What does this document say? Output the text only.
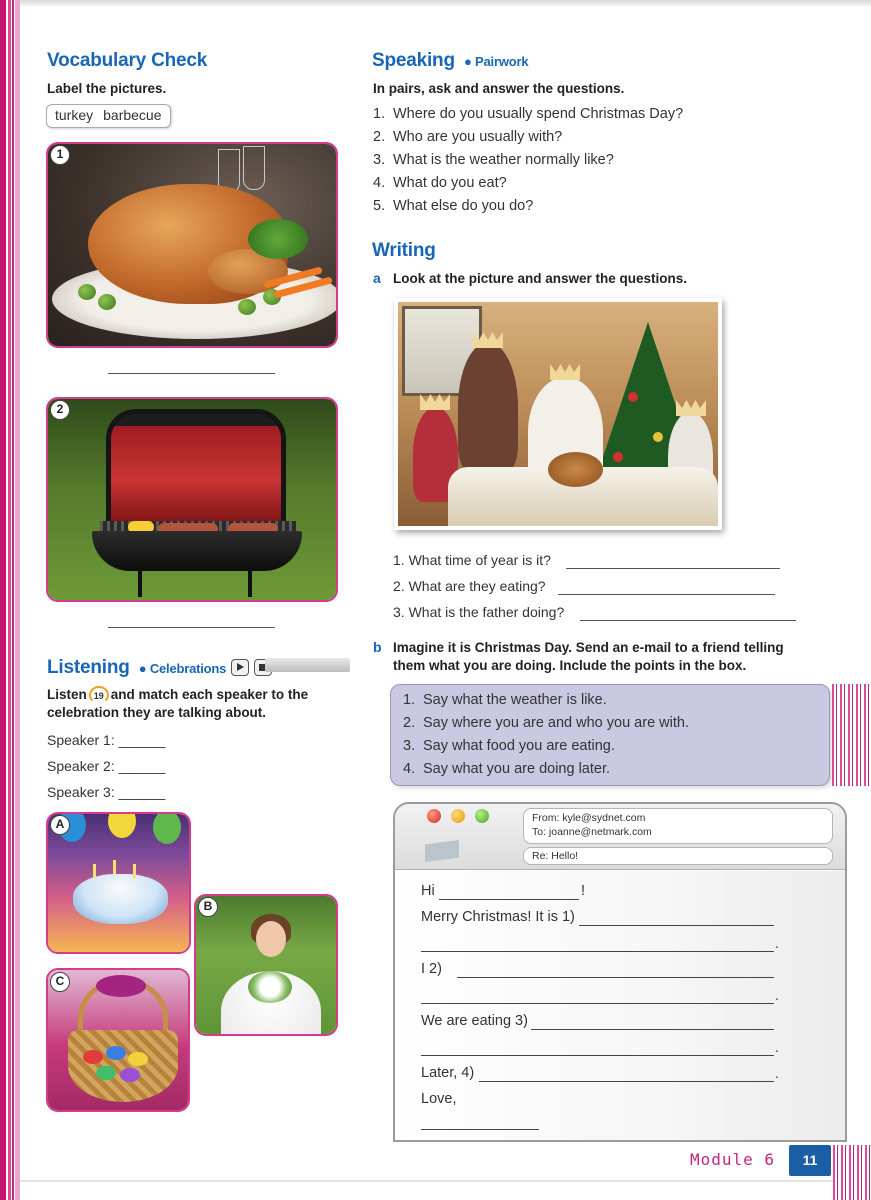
Vocabulary Check
Label the pictures.
turkey barbecue
1
2
Listening ● Celebrations
Listen 19 and match each speaker to the celebration they are talking about.
Speaker 1: ______
Speaker 2: ______
Speaker 3: ______
A
B
C
Speaking ● Pairwork
In pairs, ask and answer the questions.
1. Where do you usually spend Christmas Day?
2. Who are you usually with?
3. What is the weather normally like?
4. What do you eat?
5. What else do you do?
Writing
a Look at the picture and answer the questions.
1. What time of year is it?
2. What are they eating?
3. What is the father doing?
b Imagine it is Christmas Day. Send an e-mail to a friend telling them what you are doing. Include the points in the box.
1. Say what the weather is like.
2. Say where you are and who you are with.
3. Say what food you are eating.
4. Say what you are doing later.
From: kyle@sydnet.com
To: joanne@netmark.com
Re: Hello!
Hi	!
Merry Christmas! It is 1)
.
I 2)
.
We are eating 3)
.
Later, 4)	.
Love,
Module 6	11
